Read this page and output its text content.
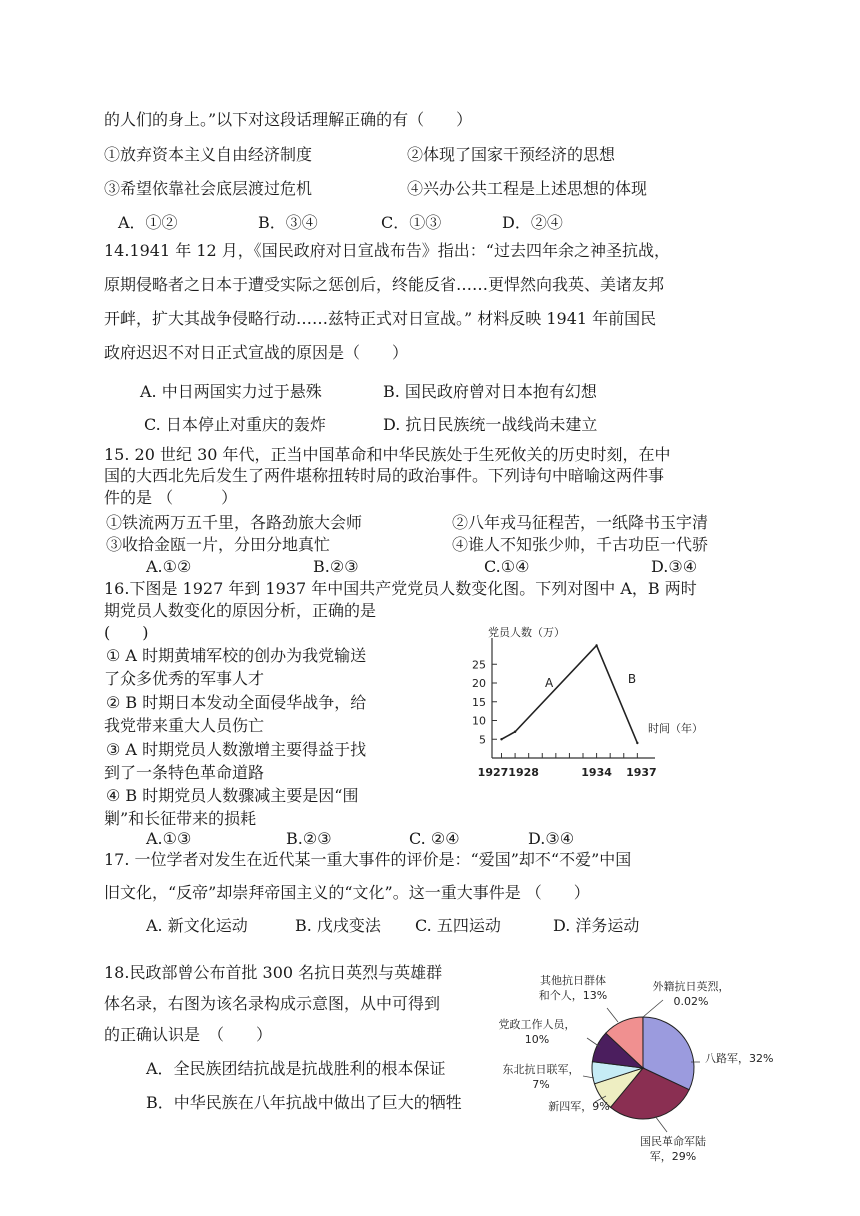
的人们的身上。”以下对这段话理解正确的有（　　）
①放弃资本主义自由经济制度	②体现了国家干预经济的思想
③希望依靠社会底层渡过危机	④兴办公共工程是上述思想的体现
A．①②	B．③④	C．①③	D．②④
14.1941 年 12 月，《国民政府对日宣战布告》指出：“过去四年余之神圣抗战，
原期侵略者之日本于遭受实际之惩创后，终能反省……更悍然向我英、美诸友邦
开衅，扩大其战争侵略行动……兹特正式对日宣战。” 材料反映 1941 年前国民
政府迟迟不对日正式宣战的原因是（　　）
A. 中日两国实力过于悬殊	B. 国民政府曾对日本抱有幻想
C. 日本停止对重庆的轰炸	D. 抗日民族统一战线尚未建立
15. 20 世纪 30 年代，正当中国革命和中华民族处于生死攸关的历史时刻，在中
国的大西北先后发生了两件堪称扭转时局的政治事件。下列诗句中暗喻这两件事
件的是 （　　　）
①铁流两万五千里，各路劲旅大会师	②八年戎马征程苦，一纸降书玉宇清
③收拾金瓯一片，分田分地真忙	④谁人不知张少帅，千古功臣一代骄
A.①②	B.②③	C.①④	D.③④
16.下图是 1927 年到 1937 年中国共产党党员人数变化图。下列对图中 A，B 两时
期党员人数变化的原因分析，正确的是
(　　)
① A 时期黄埔军校的创办为我党输送
了众多优秀的军事人才
② B 时期日本发动全面侵华战争，给
我党带来重大人员伤亡
③ A 时期党员人数激增主要得益于找
到了一条特色革命道路
④ B 时期党员人数骤减主要是因“围
剿”和长征带来的损耗
A.①③	B.②③	C. ②④	D.③④
党员人数（万）
时间（年）
5
10
15
20
25
19271928	1934 1937
A	B
17. 一位学者对发生在近代某一重大事件的评价是：“爱国”却不“不爱”中国
旧文化，“反帝”却崇拜帝国主义的“文化”。这一重大事件是 （　　）
A. 新文化运动	B. 戊戌变法 C. 五四运动	D. 洋务运动
18.民政部曾公布首批 300 名抗日英烈与英雄群
体名录，右图为该名录构成示意图，从中可得到
的正确认识是　（　　）
A．全民族团结抗战是抗战胜利的根本保证
B．中华民族在八年抗战中做出了巨大的牺牲
八路军，32%
国民革命军陆军，29%
新四军，9%
东北抗日联军， 7%
党政工作人员， 10%
其他抗日群体和个人，13%
外籍抗日英烈， 0.02%
